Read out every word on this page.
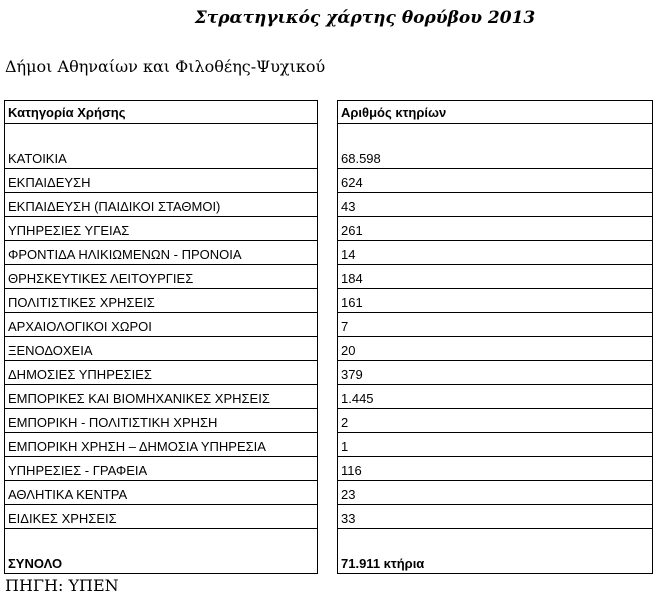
Στρατηγικός χάρτης θορύβου 2013
Δήμοι Αθηναίων και Φιλοθέης-Ψυχικού
Κατηγορία Χρήσης
ΚΑΤΟΙΚΙΑ
ΕΚΠΑΙΔΕΥΣΗ
ΕΚΠΑΙΔΕΥΣΗ (ΠΑΙΔΙΚΟΙ ΣΤΑΘΜΟΙ)
ΥΠΗΡΕΣΙΕΣ ΥΓΕΙΑΣ
ΦΡΟΝΤΙΔΑ ΗΛΙΚΙΩΜΕΝΩΝ - ΠΡΟΝΟΙΑ
ΘΡΗΣΚΕΥΤΙΚΕΣ ΛΕΙΤΟΥΡΓΙΕΣ
ΠΟΛΙΤΙΣΤΙΚΕΣ ΧΡΗΣΕΙΣ
ΑΡΧΑΙΟΛΟΓΙΚΟΙ ΧΩΡΟΙ
ΞΕΝΟΔΟΧΕΙΑ
ΔΗΜΟΣΙΕΣ ΥΠΗΡΕΣΙΕΣ
ΕΜΠΟΡΙΚΕΣ ΚΑΙ ΒΙΟΜΗΧΑΝΙΚΕΣ ΧΡΗΣΕΙΣ
ΕΜΠΟΡΙΚΗ - ΠΟΛΙΤΙΣΤΙΚΗ ΧΡΗΣΗ
ΕΜΠΟΡΙΚΗ ΧΡΗΣΗ – ΔΗΜΟΣΙΑ ΥΠΗΡΕΣΙΑ
ΥΠΗΡΕΣΙΕΣ - ΓΡΑΦΕΙΑ
ΑΘΛΗΤΙΚΑ ΚΕΝΤΡΑ
ΕΙΔΙΚΕΣ ΧΡΗΣΕΙΣ
ΣΥΝΟΛΟ
Αριθμός κτηρίων
68.598
624
43
261
14
184
161
7
20
379
1.445
2
1
116
23
33
71.911 κτήρια
ΠΗΓΗ: ΥΠΕΝ
